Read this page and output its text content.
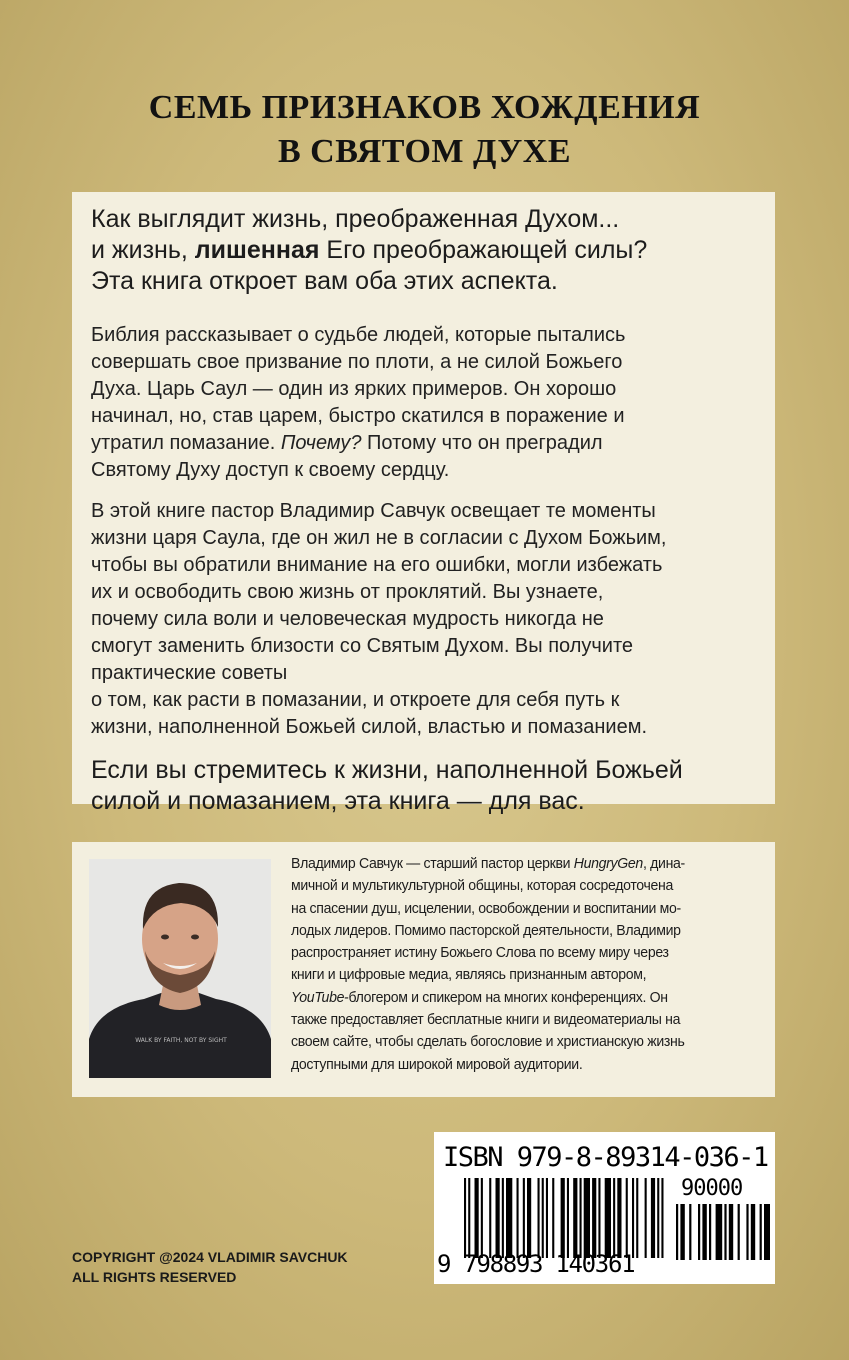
СЕМЬ ПРИЗНАКОВ ХОЖДЕНИЯ
В СВЯТОМ ДУХЕ
Как выглядит жизнь, преображенная Духом...
и жизнь, лишенная Его преображающей силы?
Эта книга откроет вам оба этих аспекта.
Библия рассказывает о судьбе людей, которые пытались
совершать свое призвание по плоти, а не силой Божьего
Духа. Царь Саул — один из ярких примеров. Он хорошо
начинал, но, став царем, быстро скатился в поражение и
утратил помазание. Почему? Потому что он преградил
Святому Духу доступ к своему сердцу.
В этой книге пастор Владимир Савчук освещает те моменты
жизни царя Саула, где он жил не в согласии с Духом Божьим,
чтобы вы обратили внимание на его ошибки, могли избежать
их и освободить свою жизнь от проклятий. Вы узнаете,
почему сила воли и человеческая мудрость никогда не
смогут заменить близости со Святым Духом. Вы получите
практические советы
о том, как расти в помазании, и откроете для себя путь к
жизни, наполненной Божьей силой, властью и помазанием.
Если вы стремитесь к жизни, наполненной Божьей
силой и помазанием, эта книга — для вас.
WALK BY FAITH, NOT BY SIGHT
Владимир Савчук — старший пастор церкви HungryGen, дина-
мичной и мультикультурной общины, которая сосредоточена
на спасении душ, исцелении, освобождении и воспитании мо-
лодых лидеров. Помимо пасторской деятельности, Владимир
распространяет истину Божьего Слова по всему миру через
книги и цифровые медиа, являясь признанным автором,
YouTube-блогером и спикером на многих конференциях. Он
также предоставляет бесплатные книги и видеоматериалы на
своем сайте, чтобы сделать богословие и христианскую жизнь
доступными для широкой мировой аудитории.
ISBN 979-8-89314-036-1
90000
9 798893 140361
COPYRIGHT @2024 VLADIMIR SAVCHUK
ALL RIGHTS RESERVED
